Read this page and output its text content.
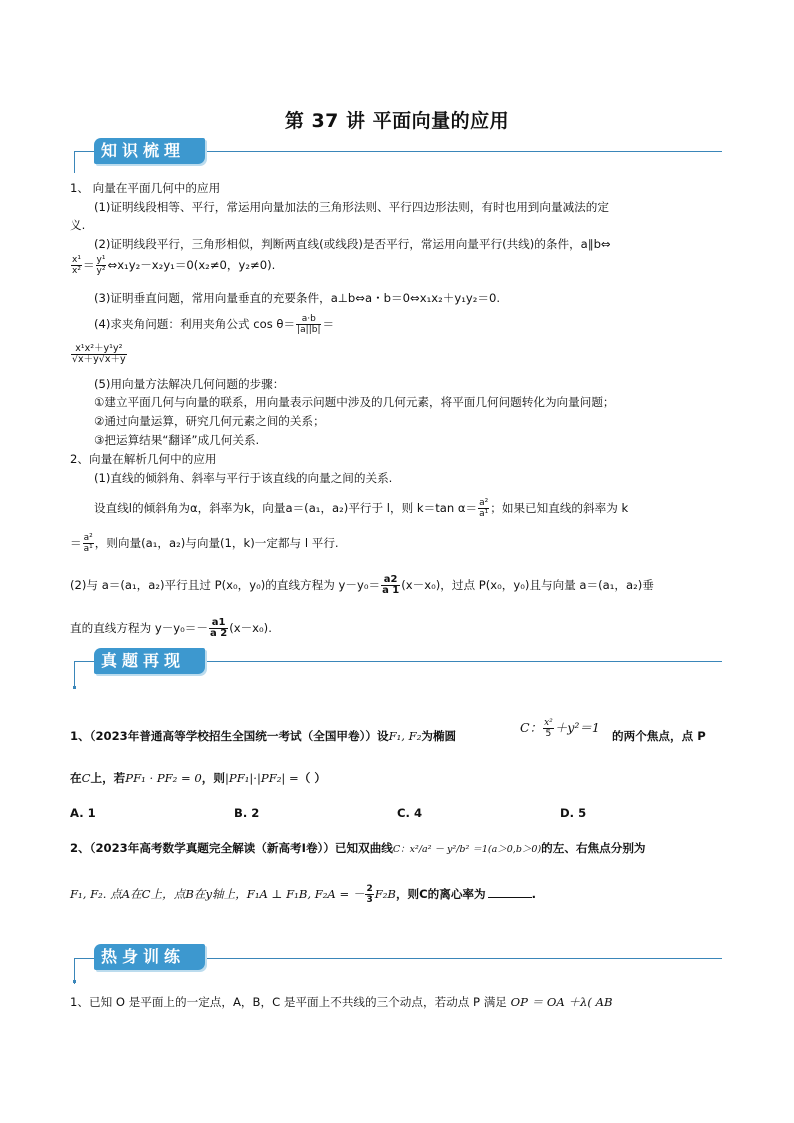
第 37 讲 平面向量的应用
知识梳理
1、 向量在平面几何中的应用
(1)证明线段相等、平行，常运用向量加法的三角形法则、平行四边形法则，有时也用到向量减法的定
义.
(2)证明线段平行，三角形相似，判断两直线(或线段)是否平行，常运用向量平行(共线)的条件，a∥b⇔
$\frac{\text{x¹}}{\text{x²}} = \frac{\text{y¹}}{\text{y²}}$ ⇔x₁y₂－x₂y₁＝0(x₂≠0，y₂≠0).
(3)证明垂直问题，常用向量垂直的充要条件，a⊥b⇔a・b＝0⇔x₁x₂＋y₁y₂＝0.
(4)求夹角问题：利用夹角公式 $\cos \theta= \frac{a\cdot b}{|a||b|}$ ＝
$\frac{\text{x¹x²＋y¹y²}}{√x+y√x+y}$
(5)用向量方法解决几何问题的步骤：
①建立平面几何与向量的联系，用向量表示问题中涉及的几何元素，将平面几何问题转化为向量问题；
②通过向量运算，研究几何元素之间的关系；
③把运算结果“翻译”成几何关系.
2、向量在解析几何中的应用
(1)直线的倾斜角、斜率与平行于该直线的向量之间的关系.
设直线l的倾斜角为α，斜率为k，向量a＝(a₁，a₂)平行于 l，则 k＝tan $\alpha= \frac{\text{a²}}{\text{a¹}}$ ；如果已知直线的斜率为 k
＝ $\frac{\text{a²}}{\text{a¹}}$ ，则向量(a₁，a₂)与向量(1，k)一定都与 l 平行.
(2)与 a＝(a₁，a₂)平行且过 P(x₀，y₀)的直线方程为 $y-y_0= \frac{a2}{a 1} (x-x_0)$，过点 P(x₀，y₀)且与向量 a＝(a₁，a₂)垂
直的直线方程为 $y-y_0=- \frac{a1}{a 2} (x-x_0)$.
真题再现
1、（2023年普通高等学校招生全国统一考试（全国甲卷））设F₁, F₂为椭圆
C： $\frac{\text{x²}}{5} +y^2=1$
的两个焦点，点 P
在C上，若PF₁ · PF₂ = 0，则|PF₁|·|PF₂| =（ ）
A. 1	B. 2	C. 4	D. 5
2、（2023年高考数学真题完全解读（新高考Ⅰ卷））已知双曲线C：x²/a² － y²/b² ＝1(a＞0,b＞0)的左、右焦点分别为
F₁, F₂. 点A在C上，点B在y轴上，F₁A ⊥ F₁B, F₂A = － $\frac{2}{3} F_2B$，则C的离心率为	.
热身训练
1、已知 O 是平面上的一定点，A，B，C 是平面上不共线的三个动点，若动点 P 满足 OP ＝ OA ＋λ( AB
